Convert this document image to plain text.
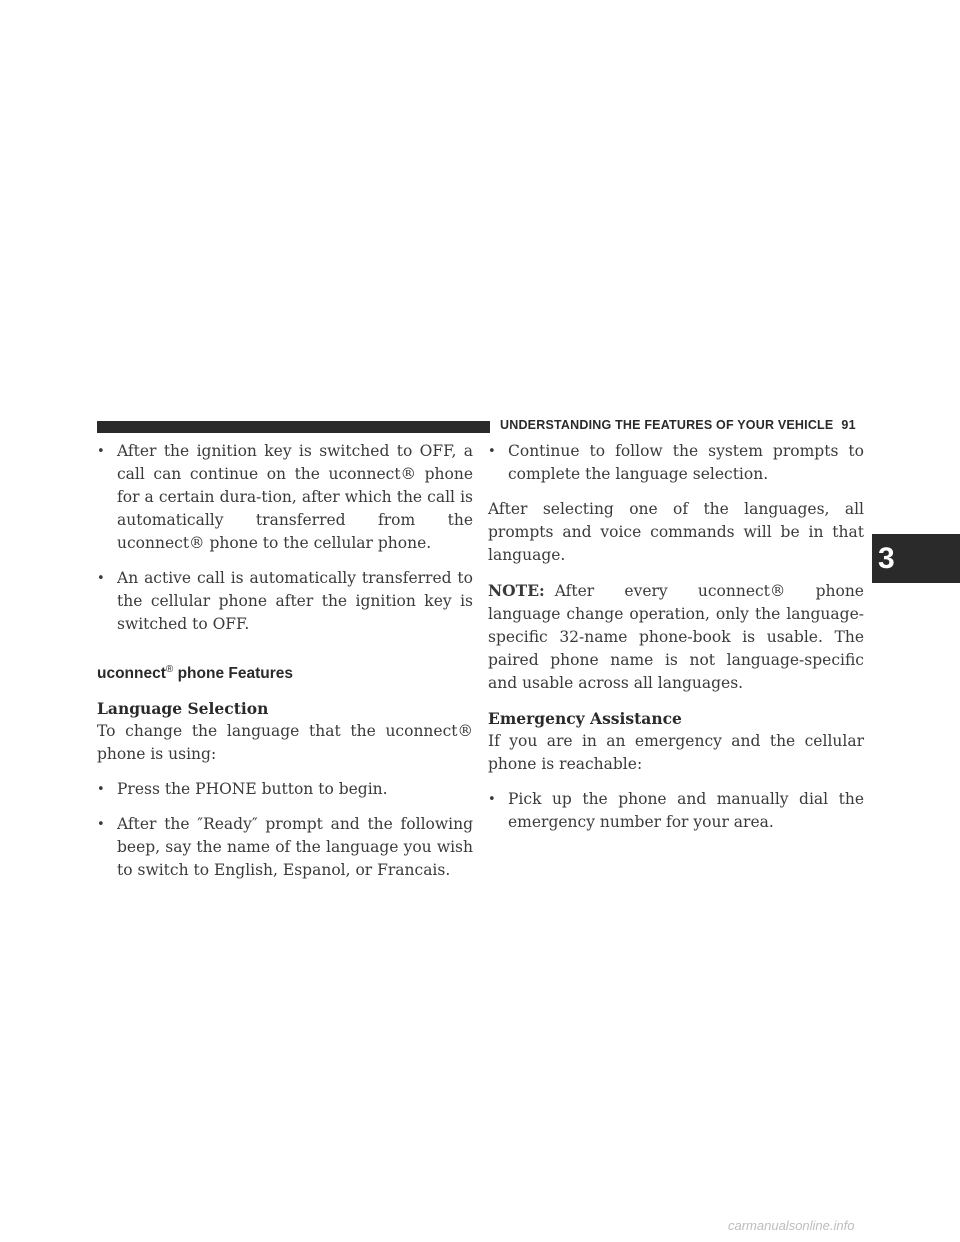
UNDERSTANDING THE FEATURES OF YOUR VEHICLE 91
3
• After the ignition key is switched to OFF, a call can continue on the uconnect® phone for a certain dura-tion, after which the call is automatically transferred from the uconnect® phone to the cellular phone.
• An active call is automatically transferred to the cellular phone after the ignition key is switched to OFF.
uconnect® phone Features

Language Selection

To change the language that the uconnect® phone is using:

• Press the PHONE button to begin.
• After the ″Ready″ prompt and the following beep, say the name of the language you wish to switch to English, Espanol, or Francais.
• Continue to follow the system prompts to complete the language selection.

After selecting one of the languages, all prompts and voice commands will be in that language.

NOTE: After every uconnect® phone language change operation, only the language-specific 32-name phone-book is usable. The paired phone name is not language-specific and usable across all languages.

Emergency Assistance

If you are in an emergency and the cellular phone is reachable:

• Pick up the phone and manually dial the emergency number for your area.
carmanualsonline.info
